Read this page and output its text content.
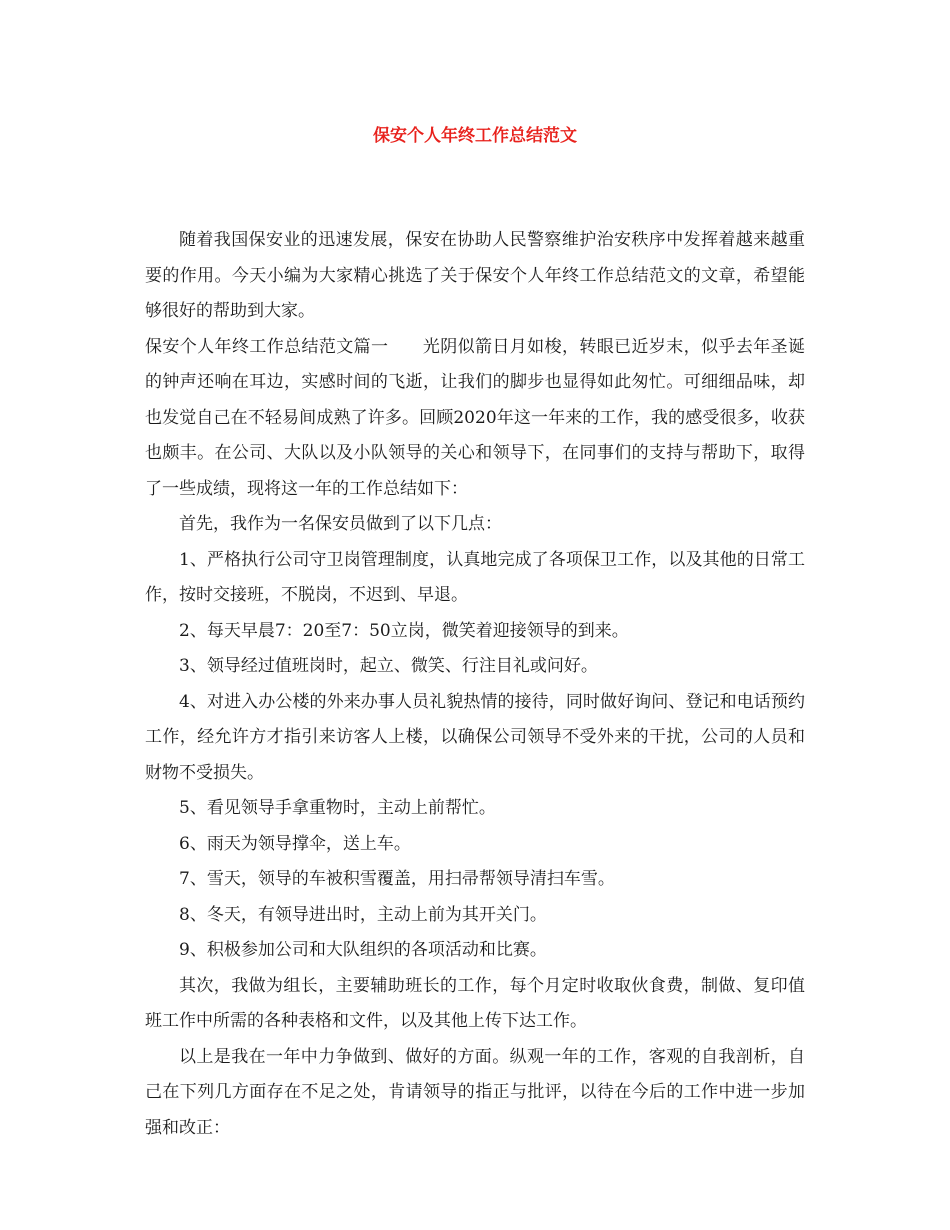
保安个人年终工作总结范文

随着我国保安业的迅速发展，保安在协助人民警察维护治安秩序中发挥着越来越重要的作用。今天小编为大家精心挑选了关于保安个人年终工作总结范文的文章，希望能够很好的帮助到大家。

保安个人年终工作总结范文篇一 光阴似箭日月如梭，转眼已近岁末，似乎去年圣诞的钟声还响在耳边，实感时间的飞逝，让我们的脚步也显得如此匆忙。可细细品味，却也发觉自己在不轻易间成熟了许多。回顾2020年这一年来的工作，我的感受很多，收获也颇丰。在公司、大队以及小队领导的关心和领导下，在同事们的支持与帮助下，取得了一些成绩，现将这一年的工作总结如下：

首先，我作为一名保安员做到了以下几点：

1、严格执行公司守卫岗管理制度，认真地完成了各项保卫工作，以及其他的日常工作，按时交接班，不脱岗，不迟到、早退。

2、每天早晨7：20至7：50立岗，微笑着迎接领导的到来。

3、领导经过值班岗时，起立、微笑、行注目礼或问好。

4、对进入办公楼的外来办事人员礼貌热情的接待，同时做好询问、登记和电话预约工作，经允许方才指引来访客人上楼，以确保公司领导不受外来的干扰，公司的人员和财物不受损失。

5、看见领导手拿重物时，主动上前帮忙。

6、雨天为领导撑伞，送上车。

7、雪天，领导的车被积雪覆盖，用扫帚帮领导清扫车雪。

8、冬天，有领导进出时，主动上前为其开关门。

9、积极参加公司和大队组织的各项活动和比赛。

其次，我做为组长，主要辅助班长的工作，每个月定时收取伙食费，制做、复印值班工作中所需的各种表格和文件，以及其他上传下达工作。

以上是我在一年中力争做到、做好的方面。纵观一年的工作，客观的自我剖析，自己在下列几方面存在不足之处，肯请领导的指正与批评，以待在今后的工作中进一步加强和改正：
